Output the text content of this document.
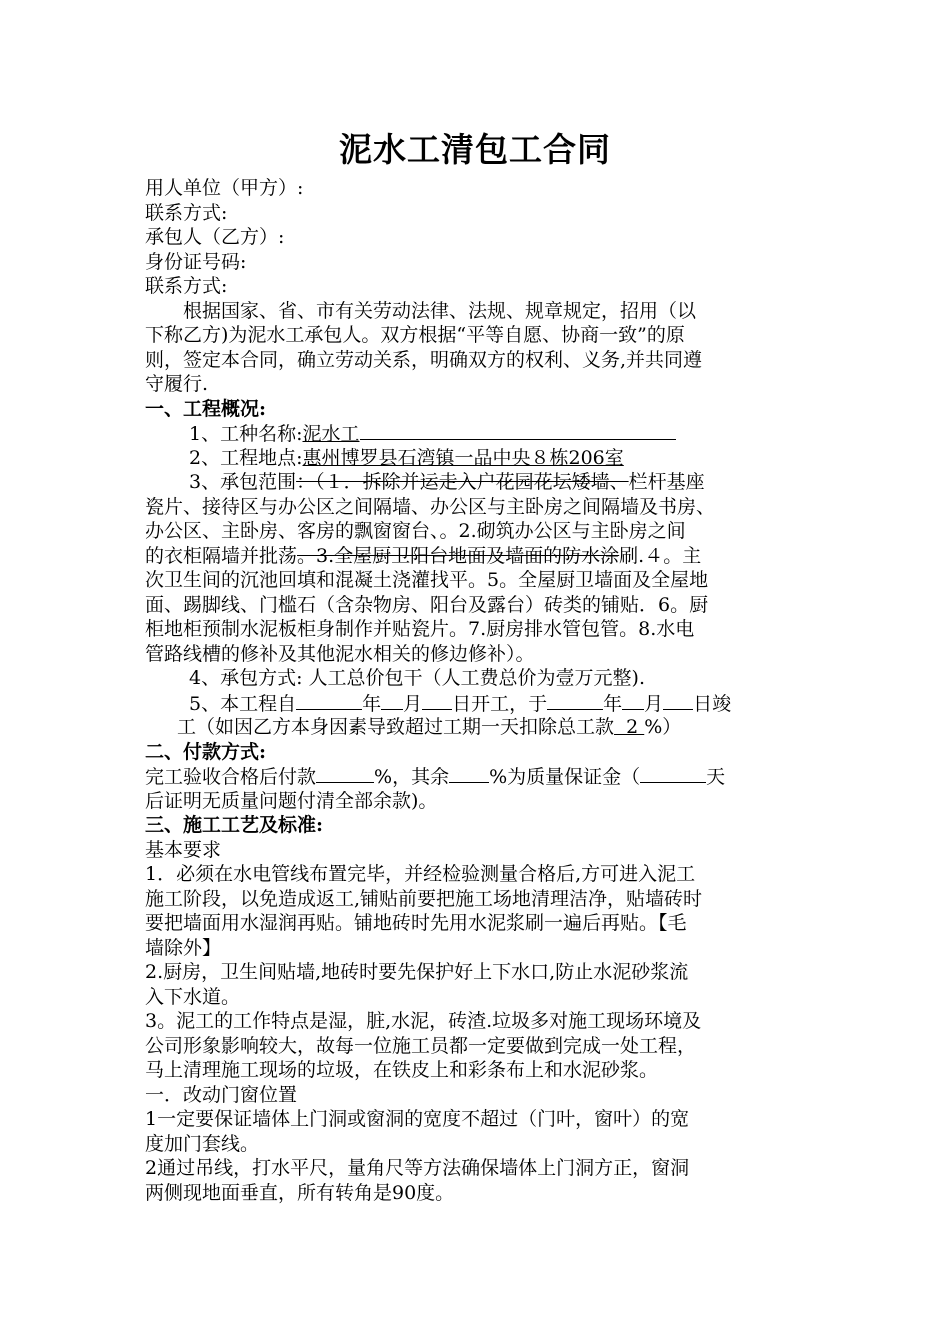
泥水工清包工合同
用人单位（甲方）:
联系方式:
承包人（乙方）:
身份证号码:
联系方式:
根据国家、省、市有关劳动法律、法规、规章规定，招用（以
下称乙方)为泥水工承包人。双方根据“平等自愿、协商一致”的原
则，签定本合同，确立劳动关系，明确双方的权利、义务,并共同遵
守履行.
一、工程概况:
1、工种名称:泥水工
2、工程地点:惠州博罗县石湾镇一品中央８栋206室
3、承包范围：（１．拆除并运走入户花园花坛矮墙、栏杆基座
瓷片、接待区与办公区之间隔墙、办公区与主卧房之间隔墙及书房、
办公区、主卧房、客房的飘窗窗台、。2.砌筑办公区与主卧房之间
的衣柜隔墙并批荡。3.全屋厨卫阳台地面及墙面的防水涂刷.４。主
次卫生间的沉池回填和混凝土浇灌找平。5。全屋厨卫墙面及全屋地
面、踢脚线、门槛石（含杂物房、阳台及露台）砖类的铺贴．6。厨
柜地柜预制水泥板柜身制作并贴瓷片。7.厨房排水管包管。8.水电
管路线槽的修补及其他泥水相关的修边修补）。
4、承包方式: 人工总价包干（人工费总价为壹万元整).
5、本工程自	年 月 日开工，于	年 月 日竣
工（如因乙方本身因素导致超过工期一天扣除总工款  2 %）
二、付款方式:
完工验收合格后付款	%，其余 %为质量保证金（	天
后证明无质量问题付清全部余款)。
三、施工工艺及标准:
基本要求
1．必须在水电管线布置完毕，并经检验测量合格后,方可进入泥工
施工阶段，以免造成返工,铺贴前要把施工场地清理洁净，贴墙砖时
要把墙面用水湿润再贴。铺地砖时先用水泥浆刷一遍后再贴。【毛
墙除外】
2.厨房，卫生间贴墙,地砖时要先保护好上下水口,防止水泥砂浆流
入下水道。
3。泥工的工作特点是湿，脏,水泥，砖渣.垃圾多对施工现场环境及
公司形象影响较大，故每一位施工员都一定要做到完成一处工程，
马上清理施工现场的垃圾，在铁皮上和彩条布上和水泥砂浆。
一．改动门窗位置
1一定要保证墙体上门洞或窗洞的宽度不超过（门叶，窗叶）的宽
度加门套线。
2通过吊线，打水平尺，量角尺等方法确保墙体上门洞方正，窗洞
两侧现地面垂直，所有转角是90度。
